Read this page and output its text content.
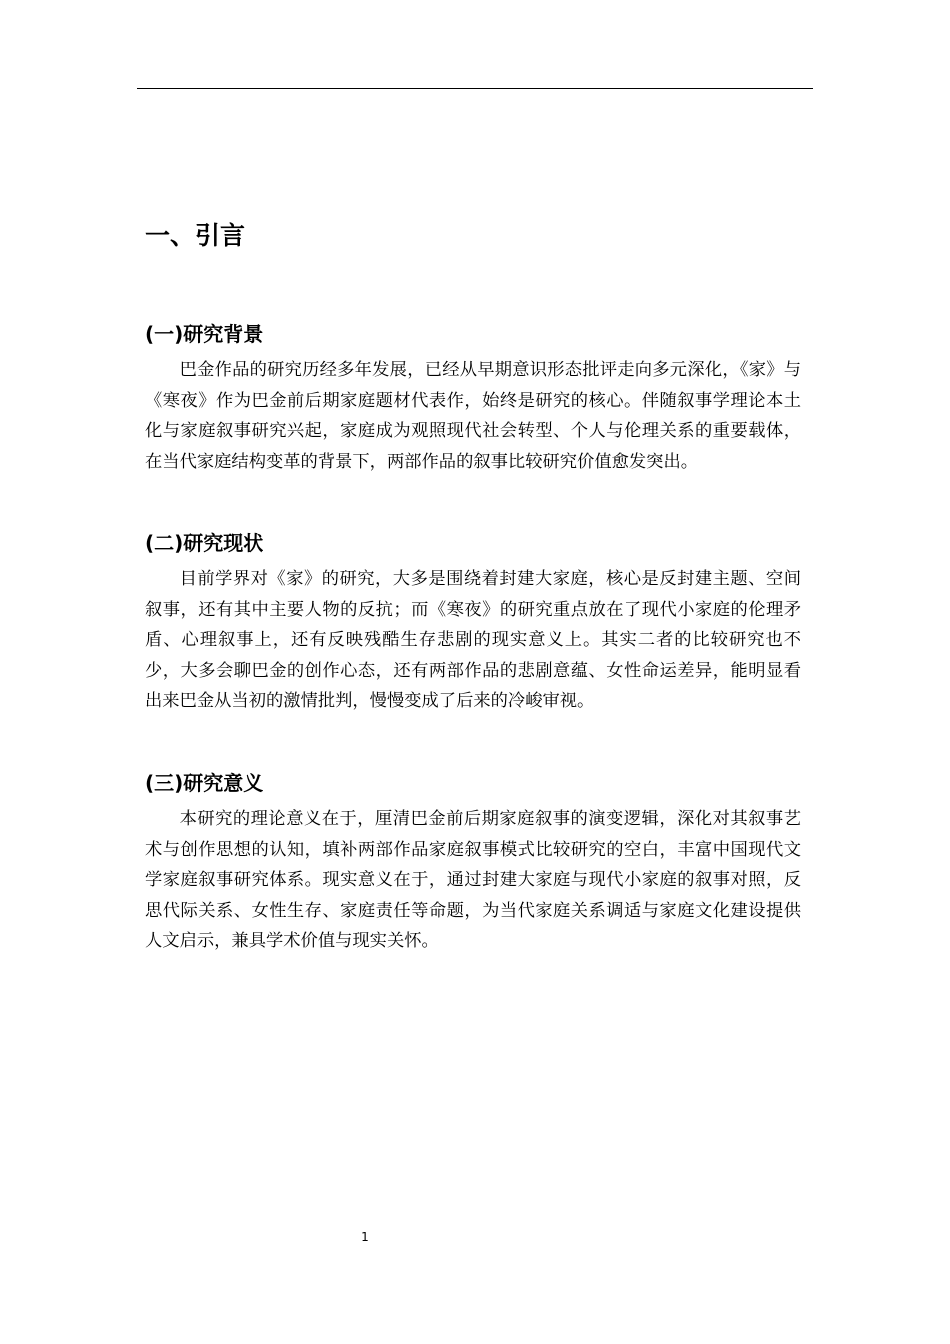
一、引言
(一)研究背景

巴金作品的研究历经多年发展，已经从早期意识形态批评走向多元深化，《家》与《寒夜》作为巴金前后期家庭题材代表作，始终是研究的核心。伴随叙事学理论本土化与家庭叙事研究兴起，家庭成为观照现代社会转型、个人与伦理关系的重要载体，在当代家庭结构变革的背景下，两部作品的叙事比较研究价值愈发突出。

(二)研究现状

目前学界对《家》的研究，大多是围绕着封建大家庭，核心是反封建主题、空间叙事，还有其中主要人物的反抗；而《寒夜》的研究重点放在了现代小家庭的伦理矛盾、心理叙事上，还有反映残酷生存悲剧的现实意义上。其实二者的比较研究也不少，大多会聊巴金的创作心态，还有两部作品的悲剧意蕴、女性命运差异，能明显看出来巴金从当初的激情批判，慢慢变成了后来的冷峻审视。

(三)研究意义

本研究的理论意义在于，厘清巴金前后期家庭叙事的演变逻辑，深化对其叙事艺术与创作思想的认知，填补两部作品家庭叙事模式比较研究的空白，丰富中国现代文学家庭叙事研究体系。现实意义在于，通过封建大家庭与现代小家庭的叙事对照，反思代际关系、女性生存、家庭责任等命题，为当代家庭关系调适与家庭文化建设提供人文启示，兼具学术价值与现实关怀。

1
